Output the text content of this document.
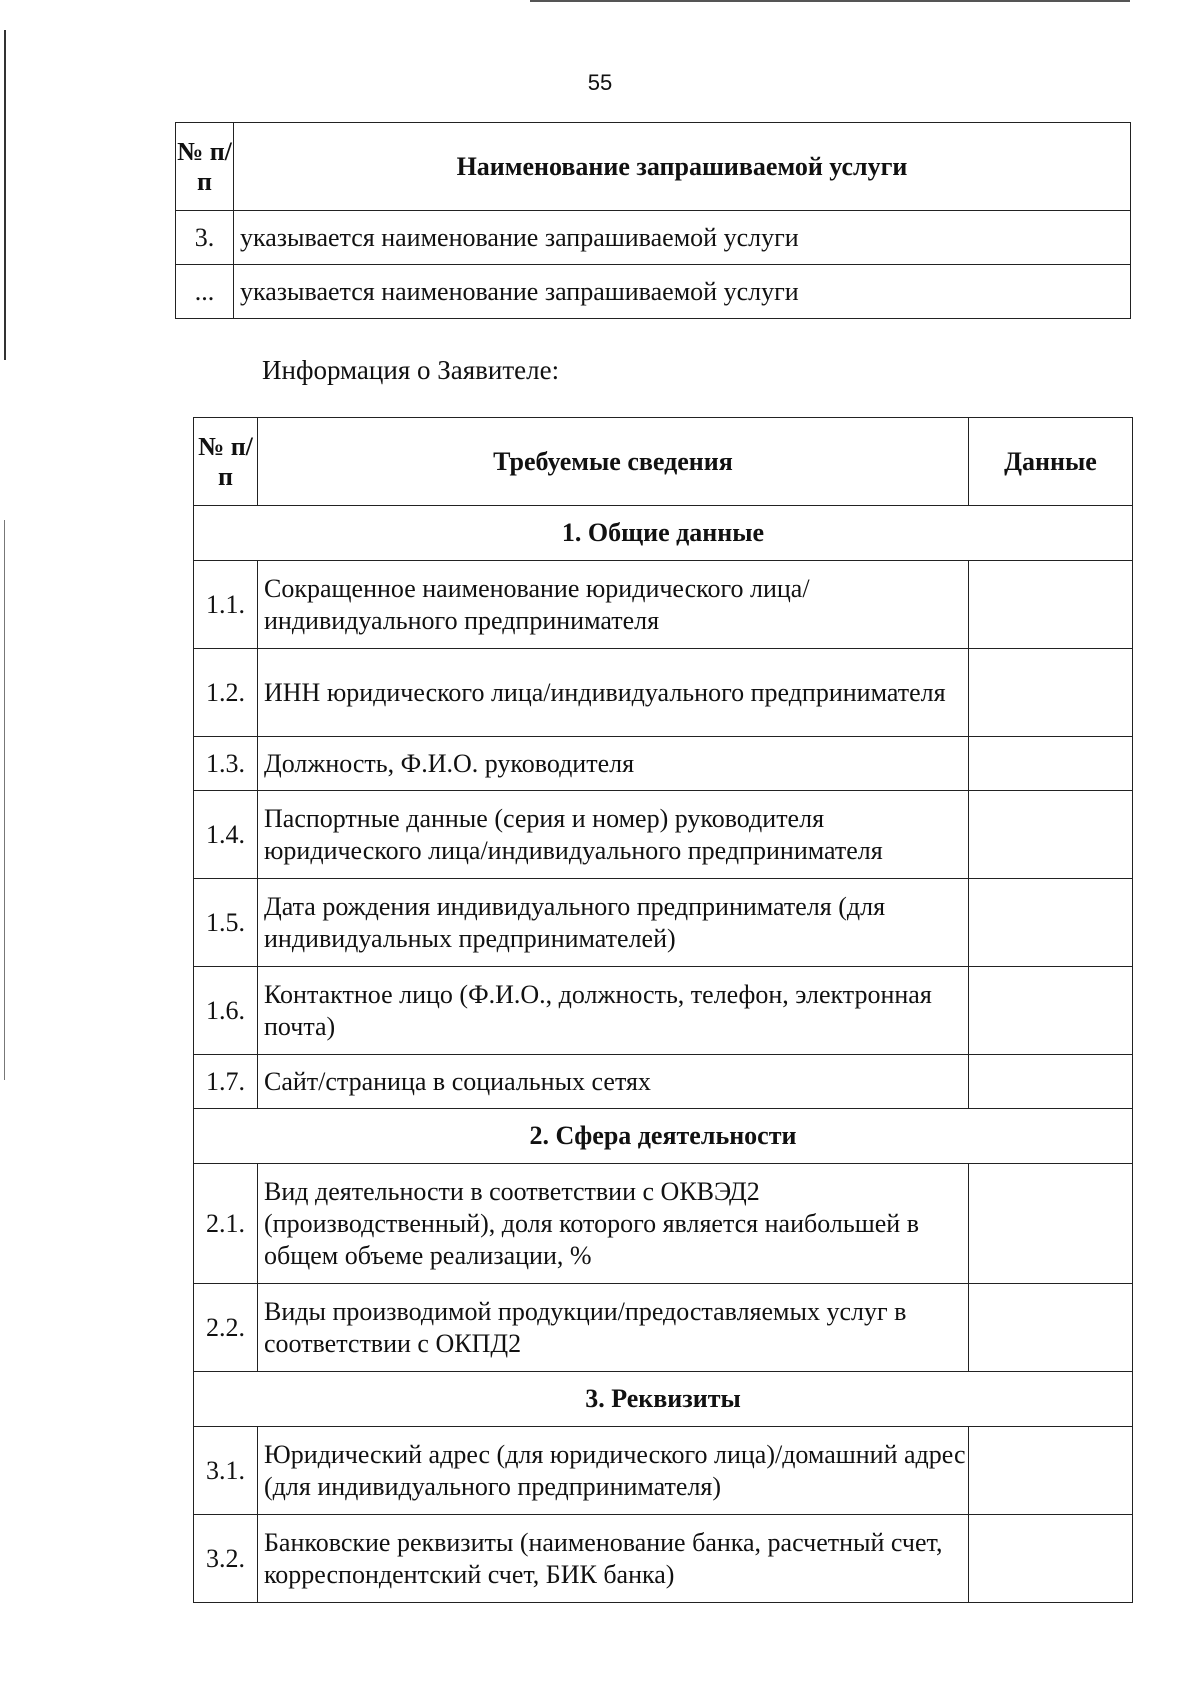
55
№ п/п	Наименование запрашиваемой услуги
3.	указывается наименование запрашиваемой услуги
...	указывается наименование запрашиваемой услуги
Информация о Заявителе:
№ п/п	Требуемые сведения	Данные
1. Общие данные		
1.1.	Сокращенное наименование юридического лица/индивидуального предпринимателя	
1.2.	ИНН юридического лица/индивидуального предпринимателя	
1.3.	Должность, Ф.И.О. руководителя	
1.4.	Паспортные данные (серия и номер) руководителя юридического лица/индивидуального предпринимателя	
1.5.	Дата рождения индивидуального предпринимателя (для индивидуальных предпринимателей)	
1.6.	Контактное лицо (Ф.И.О., должность, телефон, электронная почта)	
1.7.	Сайт/страница в социальных сетях	
2. Сфера деятельности		
2.1.	Вид деятельности в соответствии с ОКВЭД2 (производственный), доля которого является наибольшей в общем объеме реализации, %	
2.2.	Виды производимой продукции/предоставляемых услуг в соответствии с ОКПД2	
3. Реквизиты		
3.1.	Юридический адрес (для юридического лица)/домашний адрес (для индивидуального предпринимателя)	
3.2.	Банковские реквизиты (наименование банка, расчетный счет, корреспондентский счет, БИК банка)	
